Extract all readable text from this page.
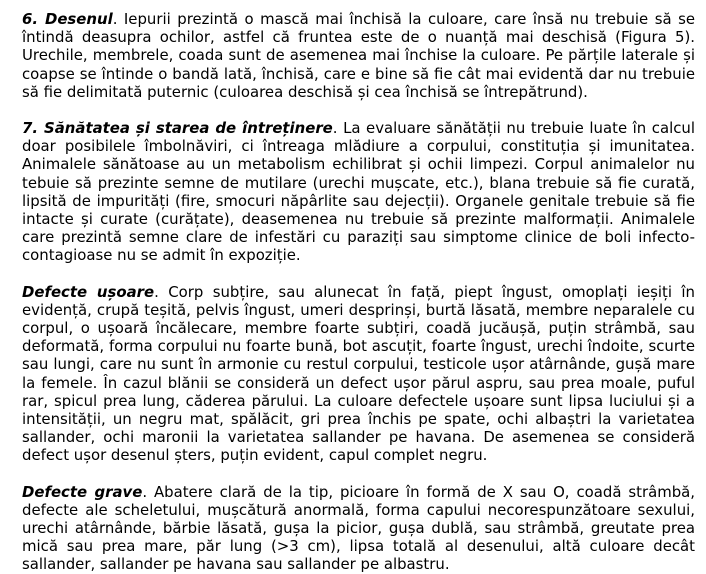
6. Desenul. Iepurii prezintă o mască mai închisă la culoare, care însă nu trebuie să se întindă deasupra ochilor, astfel că fruntea este de o nuanță mai deschisă (Figura 5). Urechile, membrele, coada sunt de asemenea mai închise la culoare. Pe părțile laterale și coapse se întinde o bandă lată, închisă, care e bine să fie cât mai evidentă dar nu trebuie să fie delimitată puternic (culoarea deschisă și cea închisă se întrepătrund).

7. Sănătatea și starea de întreținere. La evaluare sănătății nu trebuie luate în calcul doar posibilele îmbolnăviri, ci întreaga mlădiure a corpului, constituția și imunitatea. Animalele sănătoase au un metabolism echilibrat și ochii limpezi. Corpul animalelor nu tebuie să prezinte semne de mutilare (urechi mușcate, etc.), blana trebuie să fie curată, lipsită de impurități (fire, smocuri năpârlite sau dejecții). Organele genitale trebuie să fie intacte și curate (curățate), deasemenea nu trebuie să prezinte malformații. Animalele care prezintă semne clare de infestări cu paraziți sau simptome clinice de boli infecto-contagioase nu se admit în expoziție.

Defecte ușoare. Corp subțire, sau alunecat în față, piept îngust, omoplați ieșiți în evidență, crupă teșită, pelvis îngust, umeri desprinși, burtă lăsată, membre neparalele cu corpul, o ușoară încălecare, membre foarte subțiri, coadă jucăușă, puțin strâmbă, sau deformată, forma corpului nu foarte bună, bot ascuțit, foarte îngust, urechi îndoite, scurte sau lungi, care nu sunt în armonie cu restul corpului, testicole ușor atârnânde, gușă mare la femele. În cazul blănii se consideră un defect ușor părul aspru, sau prea moale, puful rar, spicul prea lung, căderea părului. La culoare defectele ușoare sunt lipsa luciului și a intensității, un negru mat, spălăcit, gri prea închis pe spate, ochi albaștri la varietatea sallander, ochi maronii la varietatea sallander pe havana. De asemenea se consideră defect ușor desenul șters, puțin evident, capul complet negru.

Defecte grave. Abatere clară de la tip, picioare în formă de X sau O, coadă strâmbă, defecte ale scheletului, mușcătură anormală, forma capului necorespunzătoare sexului, urechi atârnânde, bărbie lăsată, gușa la picior, gușa dublă, sau strâmbă, greutate prea mică sau prea mare, păr lung (>3 cm), lipsa totală al desenului, altă culoare decât sallander, sallander pe havana sau sallander pe albastru.
